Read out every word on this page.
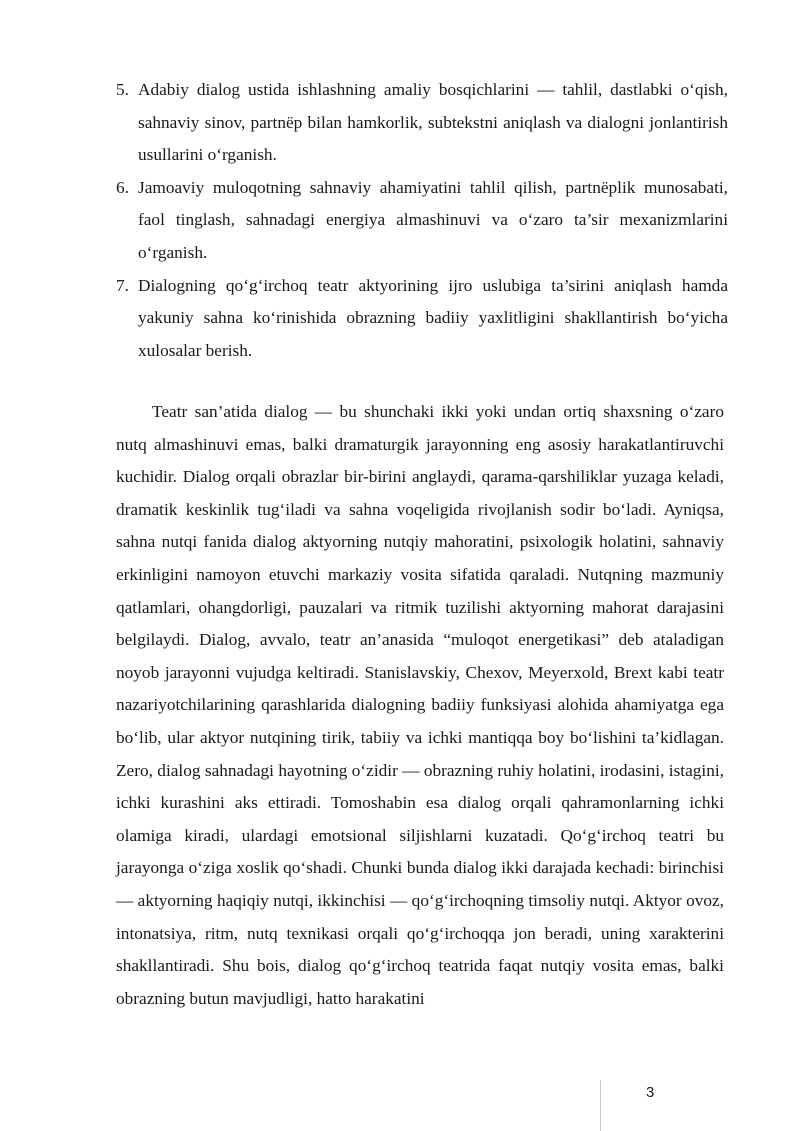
5. Adabiy dialog ustida ishlashning amaliy bosqichlarini — tahlil, dastlabki o‘qish, sahnaviy sinov, partnёр bilan hamkorlik, subtekstni aniqlash va dialogni jonlantirish usullarini o‘rganish.
6. Jamoaviy muloqotning sahnaviy ahamiyatini tahlil qilish, partnёрlik munosabati, faol tinglash, sahnadagi energiya almashinuvi va o‘zaro ta’sir mexanizmlarini o‘rganish.
7. Dialogning qo‘g‘irchoq teatr aktyorining ijro uslubiga ta’sirini aniqlash hamda yakuniy sahna ko‘rinishida obrazning badiiy yaxlitligini shakllantirish bo‘yicha xulosalar berish.

Teatr san’atida dialog — bu shunchaki ikki yoki undan ortiq shaxsning o‘zaro nutq almashinuvi emas, balki dramaturgik jarayonning eng asosiy harakatlantiruvchi kuchidir. Dialog orqali obrazlar bir-birini anglaydi, qarama-qarshiliklar yuzaga keladi, dramatik keskinlik tug‘iladi va sahna voqeligida rivojlanish sodir bo‘ladi. Ayniqsa, sahna nutqi fanida dialog aktyorning nutqiy mahoratini, psixologik holatini, sahnaviy erkinligini namoyon etuvchi markaziy vosita sifatida qaraladi. Nutqning mazmuniy qatlamlari, ohangdorligi, pauzalari va ritmik tuzilishi aktyorning mahorat darajasini belgilaydi. Dialog, avvalo, teatr an’anasida “muloqot energetikasi” deb ataladigan noyob jarayonni vujudga keltiradi. Stanislavskiy, Chexov, Meyerxold, Brext kabi teatr nazariyotchilarining qarashlarida dialogning badiiy funksiyasi alohida ahamiyatga ega bo‘lib, ular aktyor nutqining tirik, tabiiy va ichki mantiqqa boy bo‘lishini ta’kidlagan. Zero, dialog sahnadagi hayotning o‘zidir — obrazning ruhiy holatini, irodasini, istagini, ichki kurashini aks ettiradi. Tomoshabin esa dialog orqali qahramonlarning ichki olamiga kiradi, ulardagi emotsional siljishlarni kuzatadi. Qo‘g‘irchoq teatri bu jarayonga o‘ziga xoslik qo‘shadi. Chunki bunda dialog ikki darajada kechadi: birinchisi — aktyorning haqiqiy nutqi, ikkinchisi — qo‘g‘irchoqning timsoliy nutqi. Aktyor ovoz, intonatsiya, ritm, nutq texnikasi orqali qo‘g‘irchoqqa jon beradi, uning xarakterini shakllantiradi. Shu bois, dialog qo‘g‘irchoq teatrida faqat nutqiy vosita emas, balki obrazning butun mavjudligi, hatto harakatini

3
